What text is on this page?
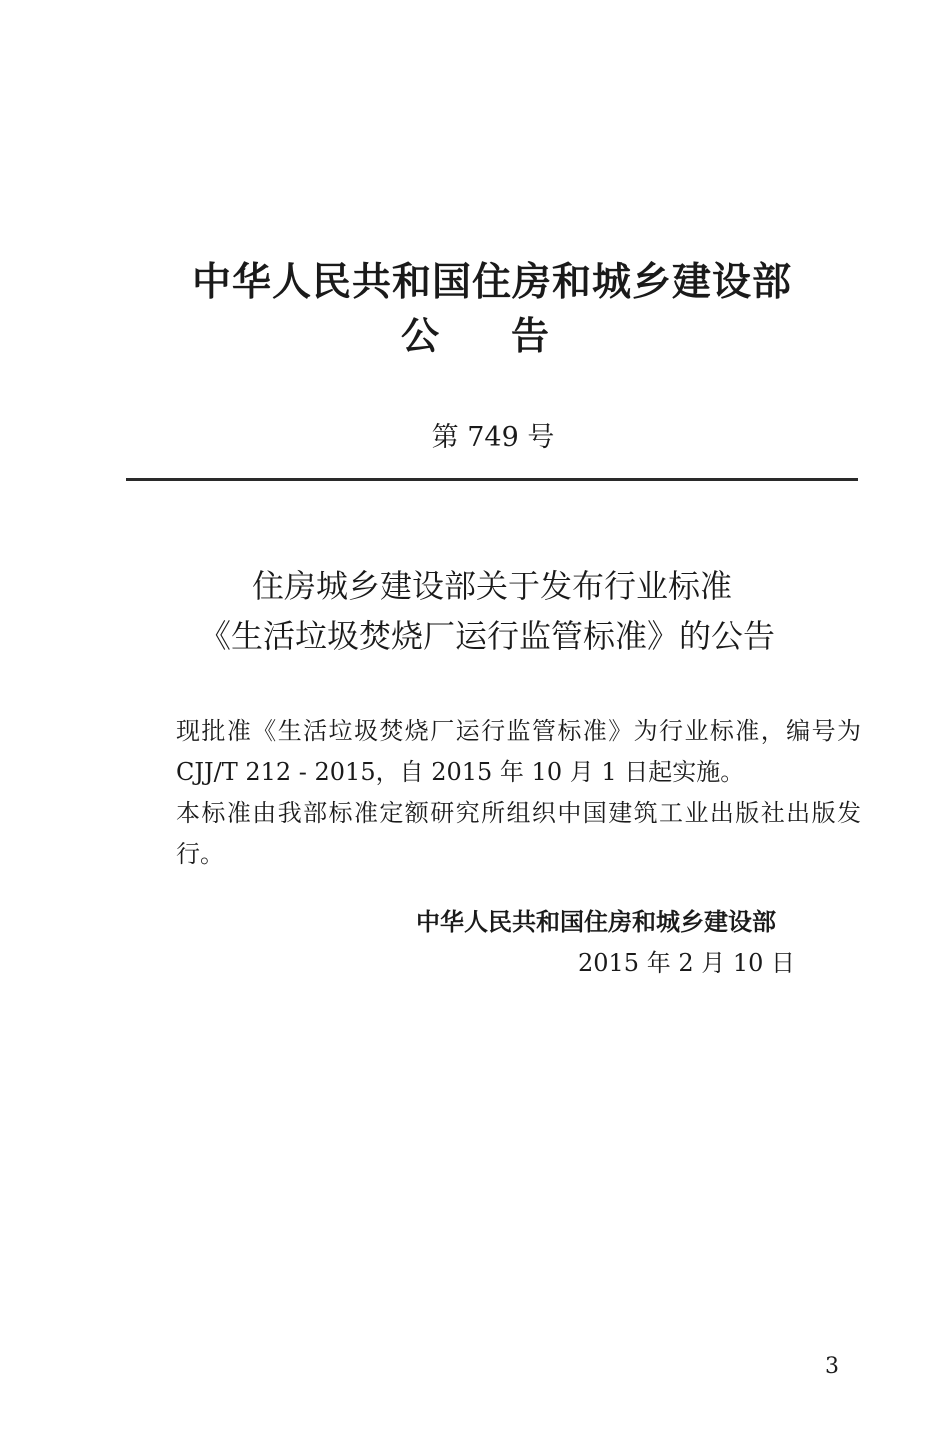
中华人民共和国住房和城乡建设部
公 告
第 749 号
住房城乡建设部关于发布行业标准
《生活垃圾焚烧厂运行监管标准》的公告
现批准《生活垃圾焚烧厂运行监管标准》为行业标准，编号为 CJJ/T 212 - 2015，自 2015 年 10 月 1 日起实施。
本标准由我部标准定额研究所组织中国建筑工业出版社出版发行。
中华人民共和国住房和城乡建设部
2015 年 2 月 10 日
3
